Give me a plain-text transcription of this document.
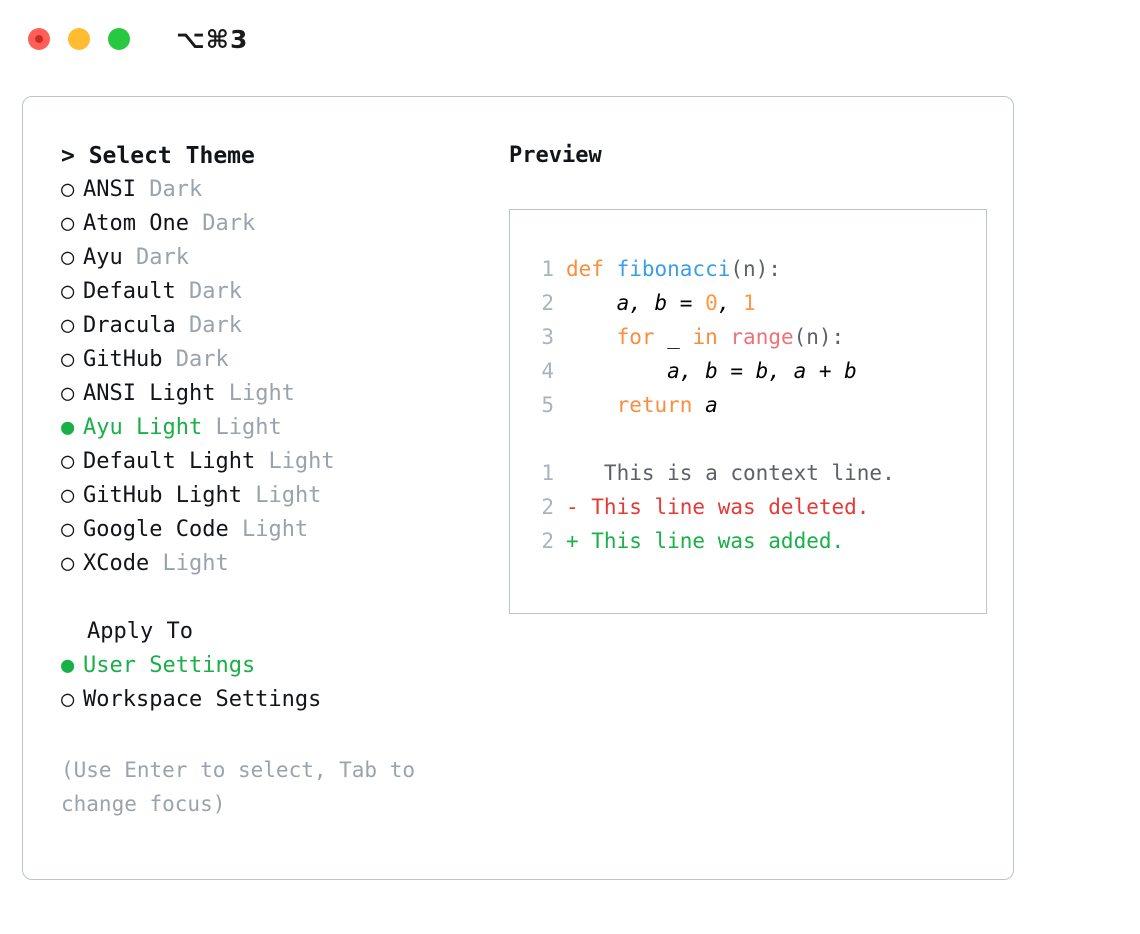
⌥⌘3
> Select Theme
○ ANSI Dark
○ Atom One Dark
○ Ayu Dark
○ Default Dark
○ Dracula Dark
○ GitHub Dark
○ ANSI Light Light
● Ayu Light Light
○ Default Light Light
○ GitHub Light Light
○ Google Code Light
○ XCode Light
Apply To
● User Settings
○ Workspace Settings
(Use Enter to select, Tab to change focus)
Preview
1 def fibonacci(n):
2    a, b = 0, 1
3	for _ in range(n):
4        a, b = b, a + b
5	return a
1   This is a context line.
2 - This line was deleted.
2 + This line was added.
